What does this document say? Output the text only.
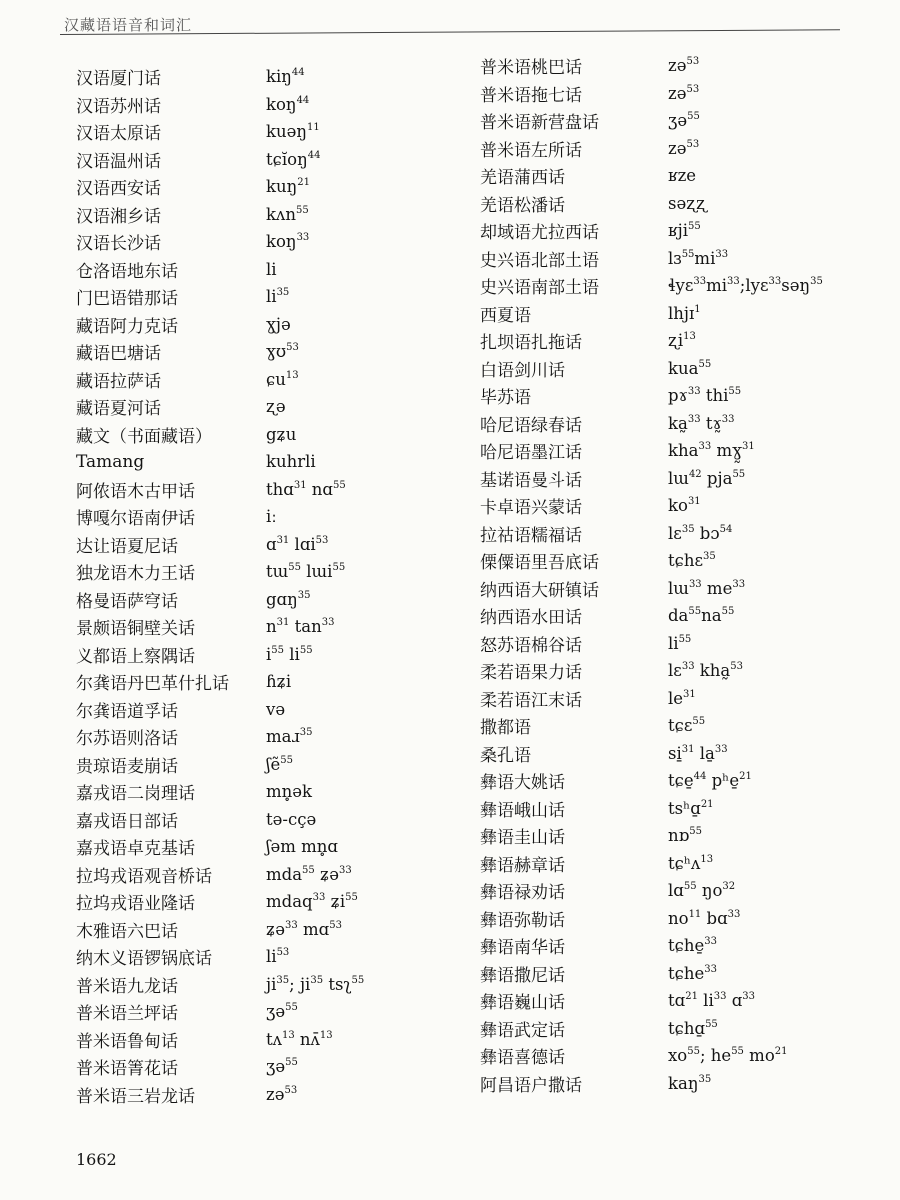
汉藏语语音和词汇
汉语厦门话	kiŋ$^{44}$
汉语苏州话	koŋ$^{44}$
汉语太原话	kuəŋ$^{11}$
汉语温州话	tɕĭoŋ$^{44}$
汉语西安话	kuŋ$^{21}$
汉语湘乡话	kʌn$^{55}$
汉语长沙话	koŋ$^{33}$
仓洛语地东话	li
门巴语错那话	$li^{35}$
藏语阿力克话	ɣjə
藏语巴塘话	ɣʊ$^{53}$
藏语拉萨话	ɕu$^{13}$
藏语夏河话	ʐə
藏文（书面藏语）	gʑu
Tamang	kuhrli
阿侬语木古甲话	thɑ$^{31}$ nɑ$^{55}$
博嘎尔语南伊话	iː
达让语夏尼话	ɑ$^{31}$ lɑi$^{53}$
独龙语木力王话	tɯ$^{55}$ lɯi$^{55}$
格曼语萨穹话	gɑŋ$^{35}$
景颇语铜壁关话	$n^{31}$ $\tan^{33}$
义都语上察隅话	$i^{55}$ $li^{55}$
尔龚语丹巴革什扎话	ɦʑi
尔龚语道孚话	və
尔苏语则洛话	maɹ$^{35}$
贵琼语麦崩话	ʃẽ$^{55}$
嘉戎语二岗理话	mn̥ək
嘉戎语日部话	tə-cçə
嘉戎语卓克基话	ʃəm mn̥ɑ
拉坞戎语观音桥话	mda$^{55}$ ʑə$^{33}$
拉坞戎语业隆话	mdaq$^{33}$ ʑi$^{55}$
木雅语六巴话	ʑə$^{33}$ mɑ$^{53}$
纳木义语锣锅底话	$li^{53}$
普米语九龙话	$ji^{35}$; $ji^{35}$ tsʅ$^{55}$
普米语兰坪话	ʒə$^{55}$
普米语鲁甸话	tʌ$^{13}$ nʌ̄$^{13}$
普米语箐花话	ʒə$^{55}$
普米语三岩龙话	zə$^{53}$
普米语桃巴话	zə$^{53}$
普米语拖七话	zə$^{53}$
普米语新营盘话	ʒə$^{55}$
普米语左所话	zə$^{53}$
羌语蒲西话	ʁze
羌语松潘话	səʐʐ
却域语尤拉西话	ʁji$^{55}$
史兴语北部土语	$lɜ^{55}mi^{33}$
史兴语南部土语	$ɬyɛ^{33}mi^{33};lyɛ^{33}səŋ^{35}$
西夏语	lhjɪ$^1$
扎坝语扎拖话	ʐi$^{13}$
白语剑川话	kua$^{55}$
毕苏语	pɤ$^{33}$ thi$^{55}$
哈尼语绿春话	ka̰$^{33}$ tɤ̰$^{33}$
哈尼语墨江话	kha$^{33}$ mɣ̰$^{31}$
基诺语曼斗话	lɯ$^{42}$ pja$^{55}$
卡卓语兴蒙话	$ko^{31}$
拉祜语糯福话	lɛ$^{35}$ bɔ$^{54}$
傈僳语里吾底话	tɕhɛ$^{35}$
纳西语大研镇话	lɯ$^{33}$ $me^{33}$
纳西语水田话	$da^{55}na^{55}$
怒苏语棉谷话	$li^{55}$
柔若语果力话	lɛ$^{33}$ kha̰$^{53}$
柔若语江末话	$le^{31}$
撒都语	tɕɛ$^{55}$
桑孔语	si̱$^{31}$ la̱$^{33}$
彝语大姚话	tɕe̱$^{44}$ pʰe̱$^{21}$
彝语峨山话	tsʰɑ̱$^{21}$
彝语圭山话	nɒ$^{55}$
彝语赫章话	tɕʰʌ$^{13}$
彝语禄劝话	lɑ$^{55}$ $ŋo^{32}$
彝语弥勒话	$no^{11}$ bɑ$^{33}$
彝语南华话	tɕhe̱$^{33}$
彝语撒尼话	tɕhe$^{33}$
彝语巍山话	tɑ$^{21}$ $li^{33}$ ɑ$^{33}$
彝语武定话	tɕhɑ̱$^{55}$
彝语喜德话	$xo^{55}$; $he^{55}$ $mo^{21}$
阿昌语户撒话	kaŋ$^{35}$
1662
